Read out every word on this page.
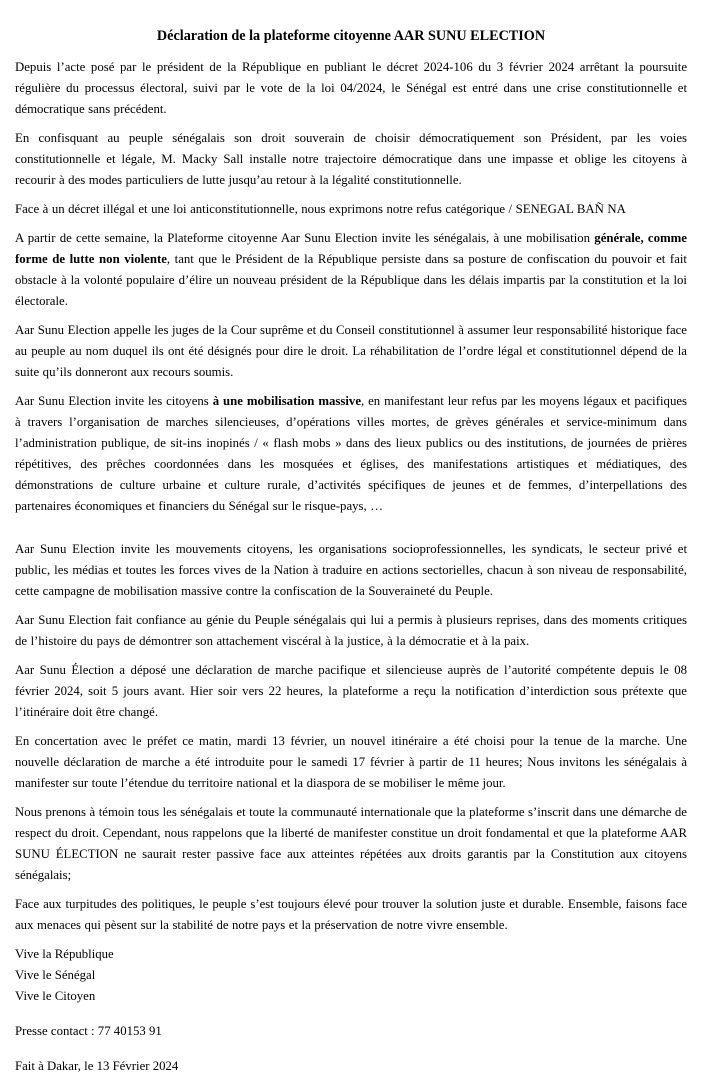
Déclaration de la plateforme citoyenne AAR SUNU ELECTION

Depuis l’acte posé par le président de la République en publiant le décret 2024-106 du 3 février 2024 arrêtant la poursuite régulière du processus électoral, suivi par le vote de la loi 04/2024, le Sénégal est entré dans une crise constitutionnelle et démocratique sans précédent.

En confisquant au peuple sénégalais son droit souverain de choisir démocratiquement son Président, par les voies constitutionnelle et légale, M. Macky Sall installe notre trajectoire démocratique dans une impasse et oblige les citoyens à recourir à des modes particuliers de lutte jusqu’au retour à la légalité constitutionnelle.

Face à un décret illégal et une loi anticonstitutionnelle, nous exprimons notre refus catégorique / SENEGAL BAÑ NA

A partir de cette semaine, la Plateforme citoyenne Aar Sunu Election invite les sénégalais, à une mobilisation générale, comme forme de lutte non violente, tant que le Président de la République persiste dans sa posture de confiscation du pouvoir et fait obstacle à la volonté populaire d’élire un nouveau président de la République dans les délais impartis par la constitution et la loi électorale.

Aar Sunu Election appelle les juges de la Cour suprême et du Conseil constitutionnel à assumer leur responsabilité historique face au peuple au nom duquel ils ont été désignés pour dire le droit. La réhabilitation de l’ordre légal et constitutionnel dépend de la suite qu’ils donneront aux recours soumis.

Aar Sunu Election invite les citoyens à une mobilisation massive, en manifestant leur refus par les moyens légaux et pacifiques à travers l’organisation de marches silencieuses, d’opérations villes mortes, de grèves générales et service-minimum dans l’administration publique, de sit-ins inopinés / « flash mobs » dans des lieux publics ou des institutions, de journées de prières répétitives, des prêches coordonnées dans les mosquées et églises, des manifestations artistiques et médiatiques, des démonstrations de culture urbaine et culture rurale, d’activités spécifiques de jeunes et de femmes, d’interpellations des partenaires économiques et financiers du Sénégal sur le risque-pays, …

Aar Sunu Election invite les mouvements citoyens, les organisations socioprofessionnelles, les syndicats, le secteur privé et public, les médias et toutes les forces vives de la Nation à traduire en actions sectorielles, chacun à son niveau de responsabilité, cette campagne de mobilisation massive contre la confiscation de la Souveraineté du Peuple.

Aar Sunu Election fait confiance au génie du Peuple sénégalais qui lui a permis à plusieurs reprises, dans des moments critiques de l’histoire du pays de démontrer son attachement viscéral à la justice, à la démocratie et à la paix.

Aar Sunu Élection a déposé une déclaration de marche pacifique et silencieuse auprès de l’autorité compétente depuis le 08 février 2024, soit 5 jours avant. Hier soir vers 22 heures, la plateforme a reçu la notification d’interdiction sous prétexte que l’itinéraire doit être changé.

En concertation avec le préfet ce matin, mardi 13 février, un nouvel itinéraire a été choisi pour la tenue de la marche. Une nouvelle déclaration de marche a été introduite pour le samedi 17 février à partir de 11 heures; Nous invitons les sénégalais à manifester sur toute l’étendue du territoire national et la diaspora de se mobiliser le même jour.

Nous prenons à témoin tous les sénégalais et toute la communauté internationale que la plateforme s’inscrit dans une démarche de respect du droit. Cependant, nous rappelons que la liberté de manifester constitue un droit fondamental et que la plateforme AAR SUNU ÉLECTION ne saurait rester passive face aux atteintes répétées aux droits garantis par la Constitution aux citoyens sénégalais;

Face aux turpitudes des politiques, le peuple s’est toujours élevé pour trouver la solution juste et durable. Ensemble, faisons face aux menaces qui pèsent sur la stabilité de notre pays et la préservation de notre vivre ensemble.

Vive la République
Vive le Sénégal
Vive le Citoyen

Presse contact : 77 40153 91

Fait à Dakar, le 13 Février 2024
